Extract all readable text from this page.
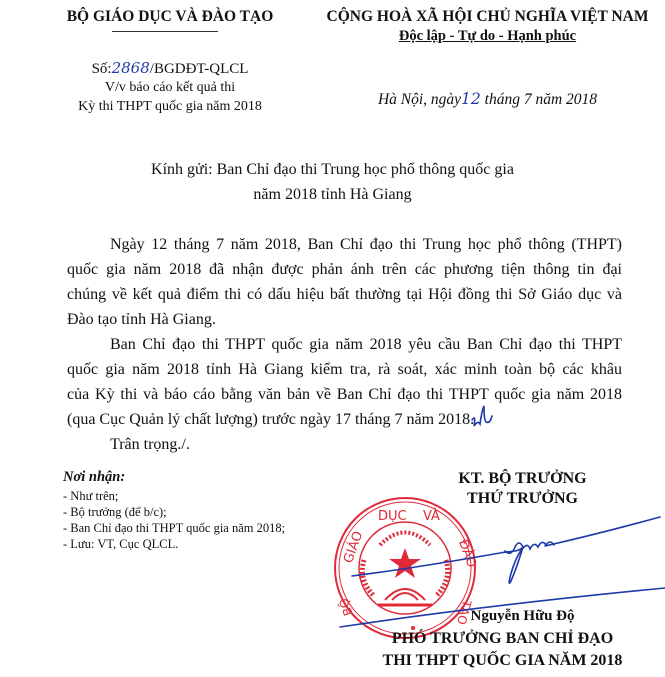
BỘ GIÁO DỤC VÀ ĐÀO TẠO
Số:2868/BGDĐT-QLCL
V/v báo cáo kết quả thi
Kỳ thi THPT quốc gia năm 2018
CỘNG HOÀ XÃ HỘI CHỦ NGHĨA VIỆT NAM
Độc lập - Tự do - Hạnh phúc
Hà Nội, ngày12 tháng 7 năm 2018
Kính gửi: Ban Chỉ đạo thi Trung học phổ thông quốc gia
năm 2018 tỉnh Hà Giang
Ngày 12 tháng 7 năm 2018, Ban Chỉ đạo thi Trung học phổ thông (THPT)
quốc gia năm 2018 đã nhận được phản ánh trên các phương tiện thông tin đại
chúng về kết quả điểm thi có dấu hiệu bất thường tại Hội đồng thi Sở Giáo dục và
Đào tạo tỉnh Hà Giang.
Ban Chỉ đạo thi THPT quốc gia năm 2018 yêu cầu Ban Chỉ đạo thi THPT
quốc gia năm 2018 tỉnh Hà Giang kiểm tra, rà soát, xác minh toàn bộ các khâu
của Kỳ thi và báo cáo bằng văn bản về Ban Chỉ đạo thi THPT quốc gia năm 2018
(qua Cục Quản lý chất lượng) trước ngày 17 tháng 7 năm 2018.
Trân trọng./.
Nơi nhận:
- Như trên;
- Bộ trưởng (để b/c);
- Ban Chỉ đạo thi THPT quốc gia năm 2018;
- Lưu: VT, Cục QLCL.
KT. BỘ TRƯỞNG
THỨ TRƯỞNG
DỤC VÀ
GIÁO	ĐÀO
BỘ	TẠO
Nguyễn Hữu Độ
PHÓ TRƯỞNG BAN CHỈ ĐẠO
THI THPT QUỐC GIA NĂM 2018
